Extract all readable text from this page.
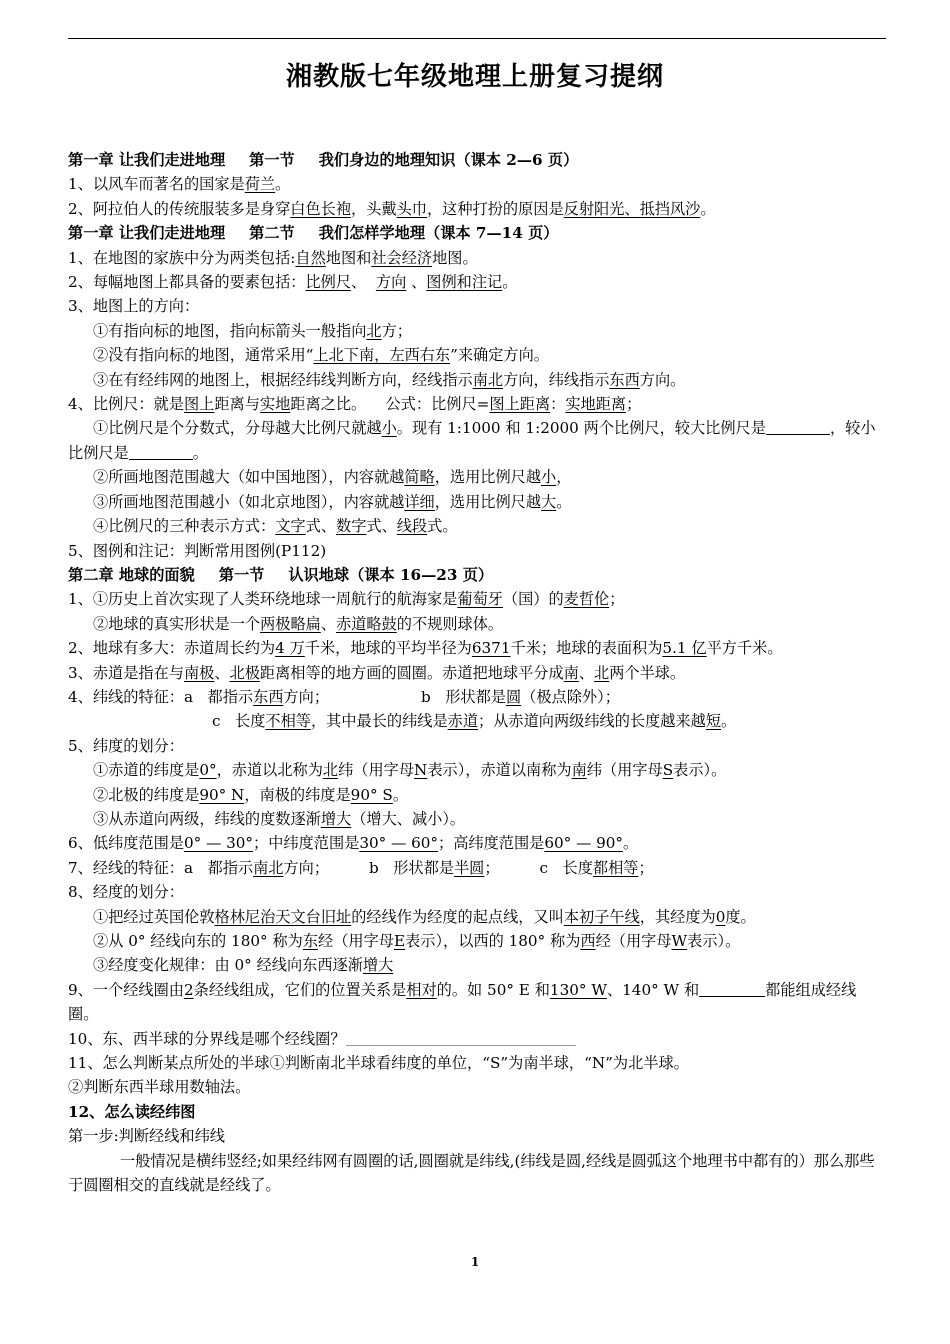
湘教版七年级地理上册复习提纲
第一章 让我们走进地理 第一节 我们身边的地理知识（课本 2—6 页）
1、以风车而著名的国家是荷兰。
2、阿拉伯人的传统服装多是身穿白色长袍，头戴头巾，这种打扮的原因是反射阳光、抵挡风沙。
第一章 让我们走进地理 第二节 我们怎样学地理（课本 7—14 页）
1、在地图的家族中分为两类包括:自然地图和社会经济地图。
2、每幅地图上都具备的要素包括：比例尺、 方向 、图例和注记。
3、地图上的方向：
①有指向标的地图，指向标箭头一般指向北方；
②没有指向标的地图，通常采用“上北下南，左西右东”来确定方向。
③在有经纬网的地图上，根据经纬线判断方向，经线指示南北方向，纬线指示东西方向。
4、比例尺：就是图上距离与实地距离之比。 公式：比例尺=图上距离：实地距离；
①比例尺是个分数式，分母越大比例尺就越小。现有 1:1000 和 1:2000 两个比例尺，较大比例尺是	，较小比例尺是	。
②所画地图范围越大（如中国地图），内容就越简略，选用比例尺越小，
③所画地图范围越小（如北京地图），内容就越详细，选用比例尺越大。
④比例尺的三种表示方式：文字式、数字式、线段式。
5、图例和注记：判断常用图例(P112)
第二章 地球的面貌 第一节 认识地球（课本 16—23 页）
1、①历史上首次实现了人类环绕地球一周航行的航海家是葡萄牙（国）的麦哲伦；
②地球的真实形状是一个两极略扁、赤道略鼓的不规则球体。
2、地球有多大：赤道周长约为4 万千米，地球的平均半径为6371千米；地球的表面积为5.1 亿平方千米。
3、赤道是指在与南极、北极距离相等的地方画的圆圈。赤道把地球平分成南、北两个半球。
4、纬线的特征：a 都指示东西方向；	b 形状都是圆（极点除外）；
c 长度不相等，其中最长的纬线是赤道；从赤道向两级纬线的长度越来越短。
5、纬度的划分：
①赤道的纬度是0°，赤道以北称为北纬（用字母N表示），赤道以南称为南纬（用字母S表示）。
②北极的纬度是90° N，南极的纬度是90° S。
③从赤道向两级，纬线的度数逐渐增大（增大、减小）。
6、低纬度范围是0° — 30°；中纬度范围是30° — 60°；高纬度范围是60° — 90°。
7、经线的特征：a 都指示南北方向；	b 形状都是半圆；	c 长度都相等；
8、经度的划分：
①把经过英国伦敦格林尼治天文台旧址的经线作为经度的起点线，又叫本初子午线，其经度为0度。
②从 0° 经线向东的 180° 称为东经（用字母E表示），以西的 180° 称为西经（用字母W表示）。
③经度变化规律：由 0° 经线向东西逐渐增大
9、一个经线圈由2条经线组成，它们的位置关系是相对的。如 50° E 和130° W、140° W 和	都能组成经线圈。
10、东、西半球的分界线是哪个经线圈？
11、怎么判断某点所处的半球①判断南北半球看纬度的单位，“S”为南半球，“N”为北半球。
②判断东西半球用数轴法。
12、怎么读经纬图
第一步:判断经线和纬线
一般情况是横纬竖经;如果经纬网有圆圈的话,圆圈就是纬线,(纬线是圆,经线是圆弧这个地理书中都有的）那么那些于圆圈相交的直线就是经线了。
1
